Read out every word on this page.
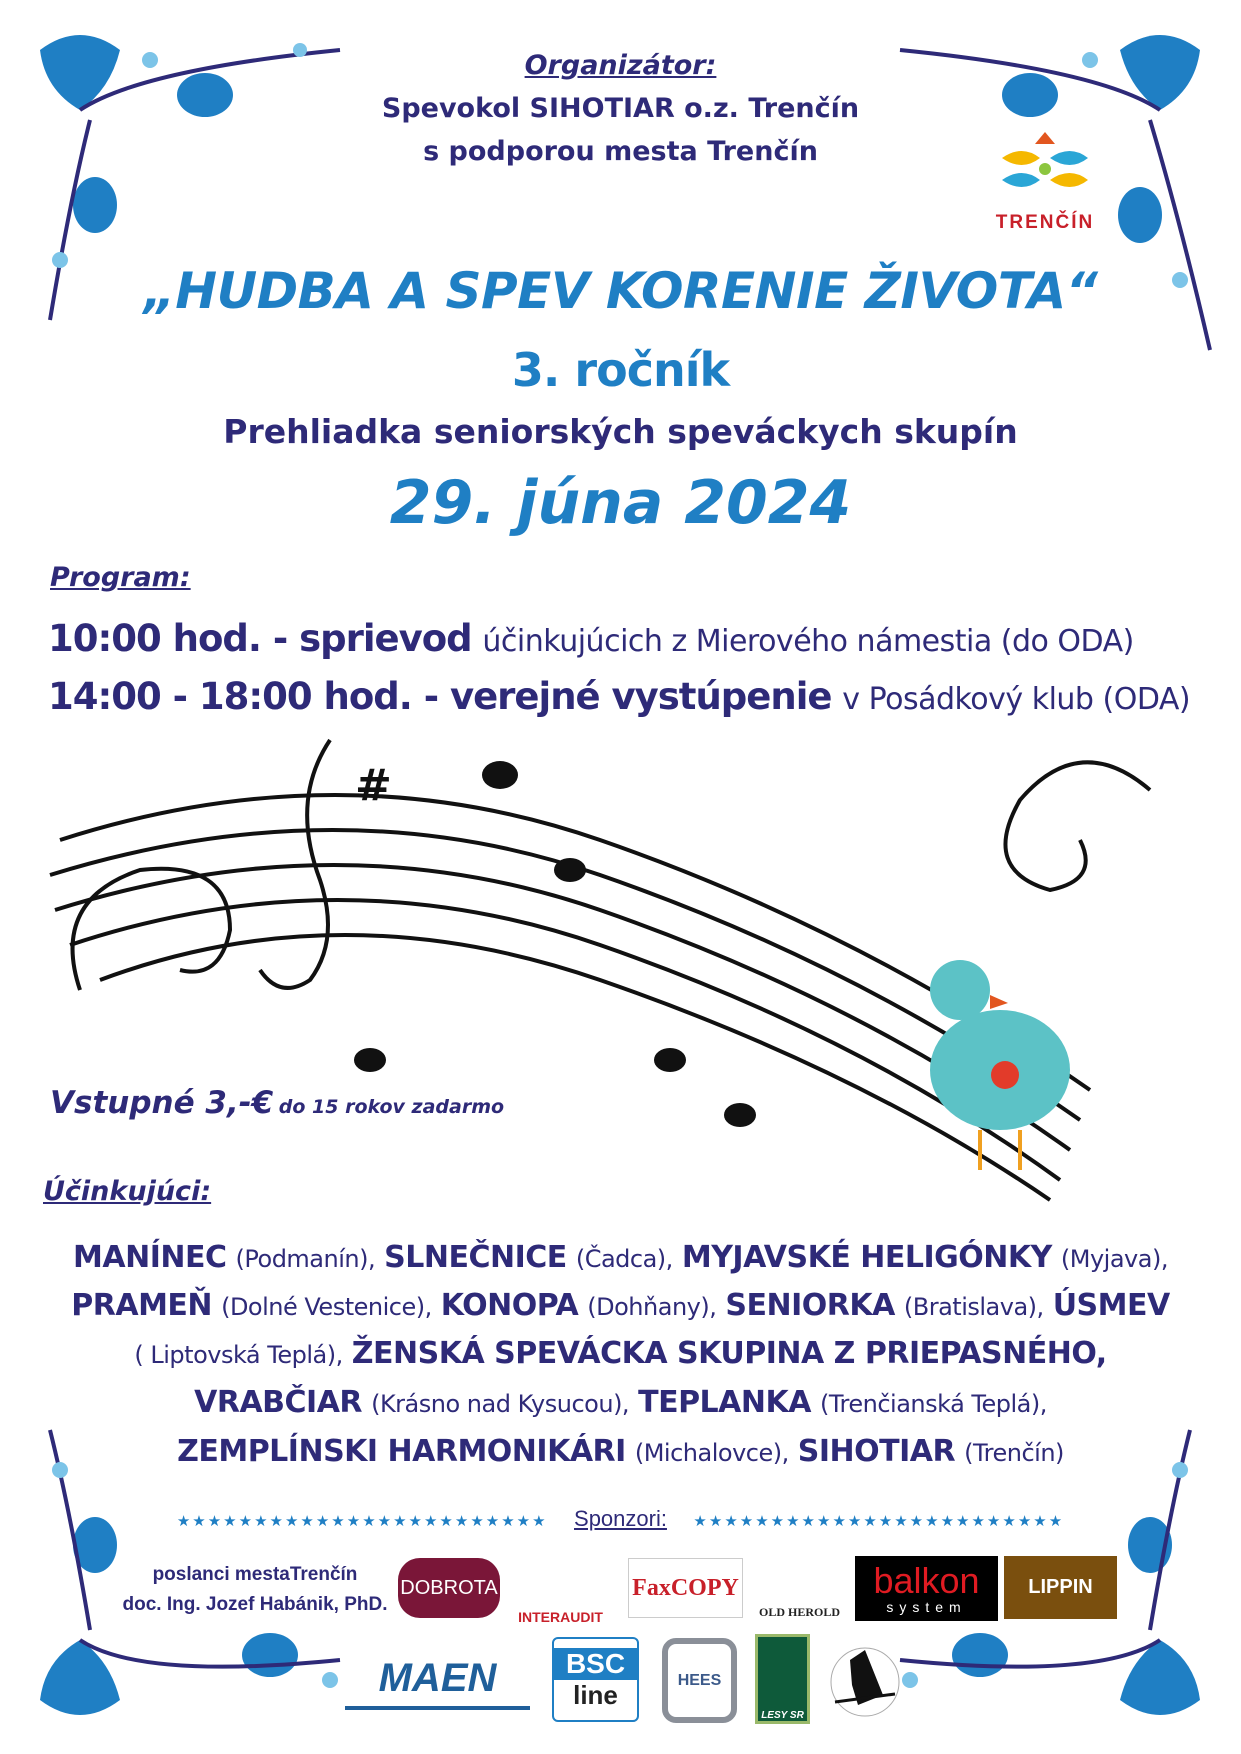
TRENČÍN
Organizátor:
Spevokol SIHOTIAR o.z. Trenčín
s podporou mesta Trenčín
„HUDBA A SPEV KORENIE ŽIVOTA“
3. ročník
Prehliadka seniorských speváckych skupín
29. júna 2024
Program:
10:00 hod. - sprievod účinkujúcich z Mierového námestia (do ODA)
14:00 - 18:00 hod. - verejné vystúpenie v Posádkový klub (ODA)
#
Vstupné 3,-€ do 15 rokov zadarmo
Účinkujúci:
MANÍNEC (Podmanín), SLNEČNICE (Čadca), MYJAVSKÉ HELIGÓNKY (Myjava),
PRAMEŇ (Dolné Vestenice), KONOPA (Dohňany), SENIORKA (Bratislava), ÚSMEV
( Liptovská Teplá), ŽENSKÁ SPEVÁCKA SKUPINA Z PRIEPASNÉHO,
VRABČIAR (Krásno nad Kysucou), TEPLANKA (Trenčianská Teplá),
ZEMPLÍNSKI HARMONIKÁRI (Michalovce), SIHOTIAR (Trenčín)
★★★★★★★★★★★★★★★★★★★★★★★★ Sponzori: ★★★★★★★★★★★★★★★★★★★★★★★★
poslanci mestaTrenčín
doc. Ing. Jozef Habánik, PhD.
DOBROTA
INTERAUDIT
FaxCOPY
OLD HEROLD
balkon
system
LIPPIN
MAEN	BSC
line	HEES
LESY SR
